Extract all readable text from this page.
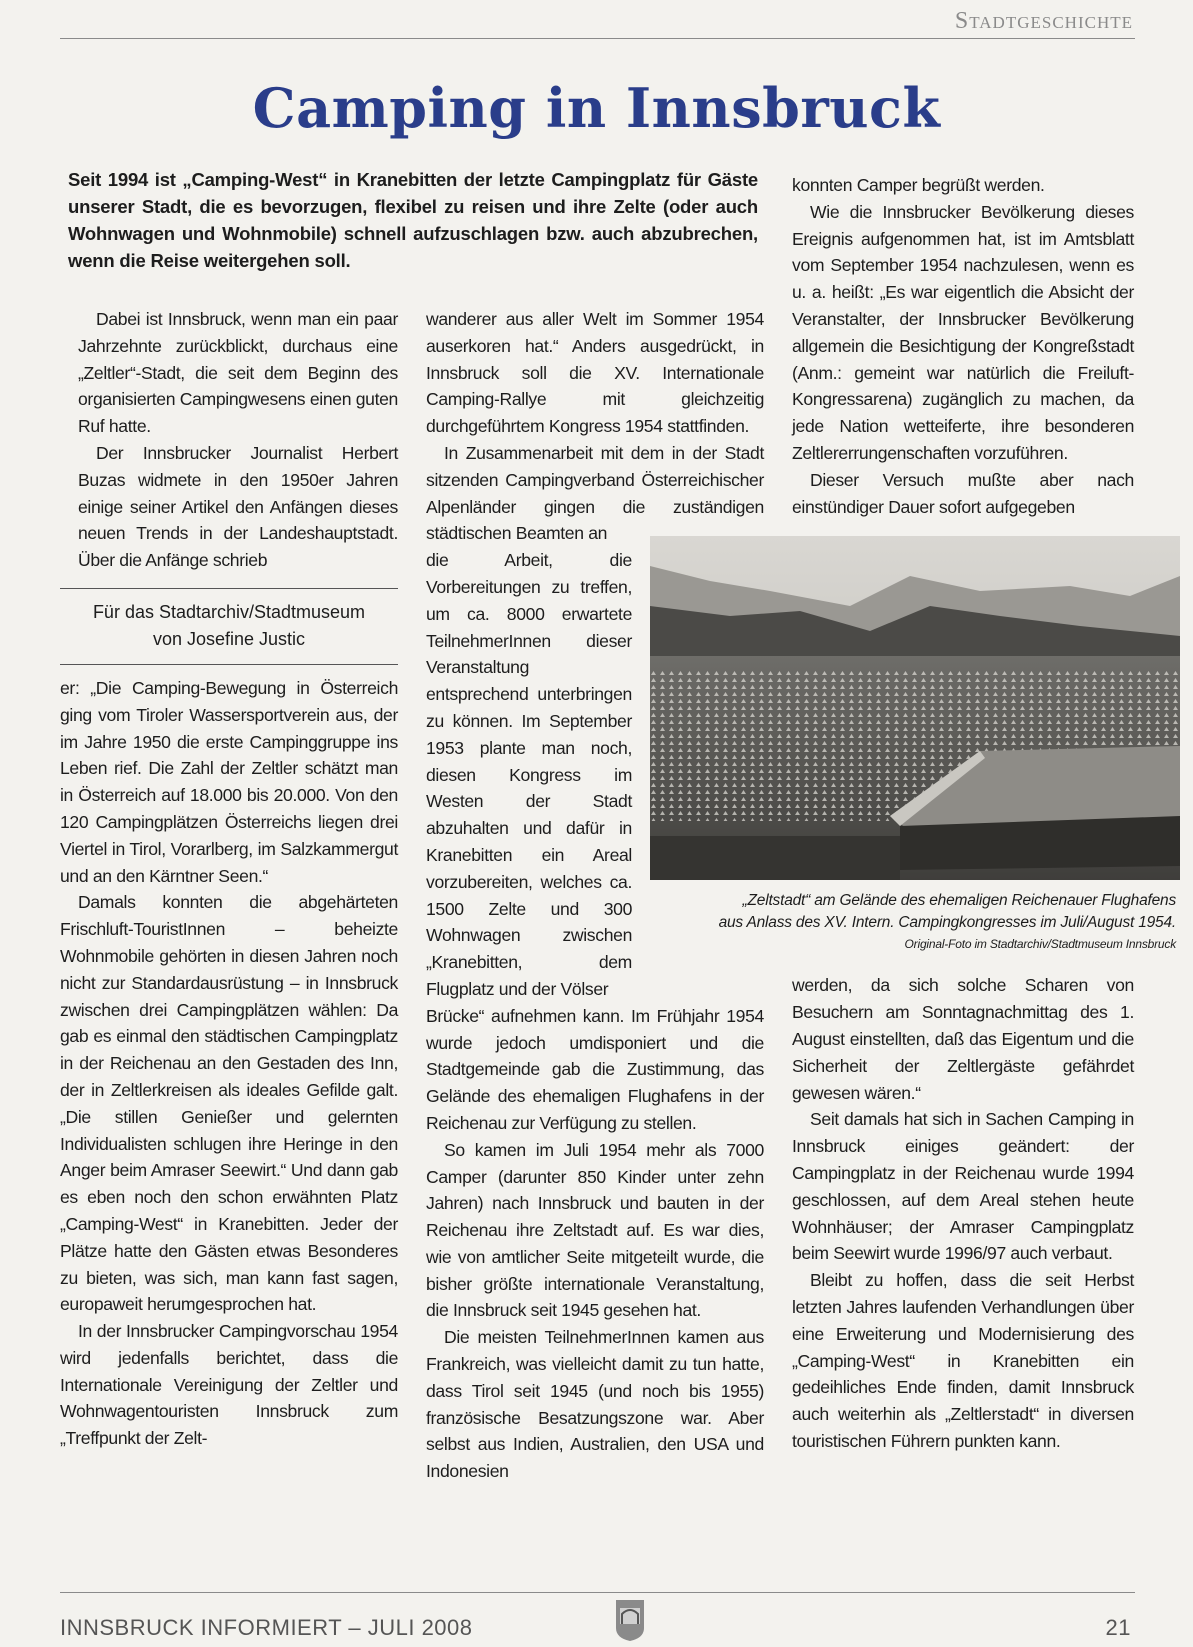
Stadtgeschichte
Camping in Innsbruck
Seit 1994 ist „Camping-West“ in Kranebitten der letzte Campingplatz für Gäste unserer Stadt, die es bevorzugen, flexibel zu reisen und ihre Zelte (oder auch Wohnwagen und Wohnmobile) schnell aufzuschlagen bzw. auch abzubrechen, wenn die Reise weitergehen soll.

Dabei ist Innsbruck, wenn man ein paar Jahrzehnte zurückblickt, durchaus eine „Zeltler“-Stadt, die seit dem Beginn des organisierten Campingwesens einen guten Ruf hatte.

Der Innsbrucker Journalist Herbert Buzas widmete in den 1950er Jahren einige seiner Artikel den Anfängen dieses neuen Trends in der Landeshauptstadt. Über die Anfänge schrieb

Für das Stadtarchiv/Stadtmuseum
von Josefine Justic

er: „Die Camping-Bewegung in Österreich ging vom Tiroler Wassersportverein aus, der im Jahre 1950 die erste Campinggruppe ins Leben rief. Die Zahl der Zeltler schätzt man in Österreich auf 18.000 bis 20.000. Von den 120 Campingplätzen Österreichs liegen drei Viertel in Tirol, Vorarlberg, im Salzkammergut und an den Kärntner Seen.“

Damals konnten die abgehärteten Frischluft-TouristInnen – beheizte Wohnmobile gehörten in diesen Jahren noch nicht zur Standardausrüstung – in Innsbruck zwischen drei Campingplätzen wählen: Da gab es einmal den städtischen Campingplatz in der Reichenau an den Gestaden des Inn, der in Zeltlerkreisen als ideales Gefilde galt. „Die stillen Genießer und gelernten Individualisten schlugen ihre Heringe in den Anger beim Amraser Seewirt.“ Und dann gab es eben noch den schon erwähnten Platz „Camping-West“ in Kranebitten. Jeder der Plätze hatte den Gästen etwas Besonderes zu bieten, was sich, man kann fast sagen, europaweit herumgesprochen hat.

In der Innsbrucker Campingvorschau 1954 wird jedenfalls berichtet, dass die Internationale Vereinigung der Zeltler und Wohnwagentouristen Innsbruck zum „Treffpunkt der Zelt-

wanderer aus aller Welt im Sommer 1954 auserkoren hat.“ Anders ausgedrückt, in Innsbruck soll die XV. Internationale Camping-Rallye mit gleichzeitig durchgeführtem Kongress 1954 stattfinden.

In Zusammenarbeit mit dem in der Stadt sitzenden Campingverband Österreichischer Alpenländer gingen die zuständigen städtischen Beamten an

die Arbeit, die Vorbereitungen zu treffen, um ca. 8000 erwartete TeilnehmerInnen dieser Veranstaltung entsprechend unterbringen zu können. Im September 1953 plante man noch, diesen Kongress im Westen der Stadt abzuhalten und dafür in Kranebitten ein Areal vorzubereiten, welches ca. 1500 Zelte und 300 Wohnwagen zwischen „Kranebitten, dem Flugplatz und der Völser

Brücke“ aufnehmen kann. Im Frühjahr 1954 wurde jedoch umdisponiert und die Stadtgemeinde gab die Zustimmung, das Gelände des ehemaligen Flughafens in der Reichenau zur Verfügung zu stellen.

So kamen im Juli 1954 mehr als 7000 Camper (darunter 850 Kinder unter zehn Jahren) nach Innsbruck und bauten in der Reichenau ihre Zeltstadt auf. Es war dies, wie von amtlicher Seite mitgeteilt wurde, die bisher größte internationale Veranstaltung, die Innsbruck seit 1945 gesehen hat.

Die meisten TeilnehmerInnen kamen aus Frankreich, was vielleicht damit zu tun hatte, dass Tirol seit 1945 (und noch bis 1955) französische Besatzungszone war. Aber selbst aus Indien, Australien, den USA und Indonesien

konnten Camper begrüßt werden.

Wie die Innsbrucker Bevölkerung dieses Ereignis aufgenommen hat, ist im Amtsblatt vom September 1954 nachzulesen, wenn es u. a. heißt: „Es war eigentlich die Absicht der Veranstalter, der Innsbrucker Bevölkerung allgemein die Besichtigung der Kongreßstadt (Anm.: gemeint war natürlich die Freiluft-Kongressarena) zugänglich zu machen, da jede Nation wetteiferte, ihre besonderen Zeltlererrungenschaften vorzuführen.

Dieser Versuch mußte aber nach einstündiger Dauer sofort aufgegeben

„Zeltstadt“ am Gelände des ehemaligen Reichenauer Flughafens
aus Anlass des XV. Intern. Campingkongresses im Juli/August 1954.
Original-Foto im Stadtarchiv/Stadtmuseum Innsbruck

werden, da sich solche Scharen von Besuchern am Sonntagnachmittag des 1. August einstellten, daß das Eigentum und die Sicherheit der Zeltlergäste gefährdet gewesen wären.“

Seit damals hat sich in Sachen Camping in Innsbruck einiges geändert: der Campingplatz in der Reichenau wurde 1994 geschlossen, auf dem Areal stehen heute Wohnhäuser; der Amraser Campingplatz beim Seewirt wurde 1996/97 auch verbaut.

Bleibt zu hoffen, dass die seit Herbst letzten Jahres laufenden Verhandlungen über eine Erweiterung und Modernisierung des „Camping-West“ in Kranebitten ein gedeihliches Ende finden, damit Innsbruck auch weiterhin als „Zeltlerstadt“ in diversen touristischen Führern punkten kann.

INNSBRUCK INFORMIERT – JULI 2008	21
